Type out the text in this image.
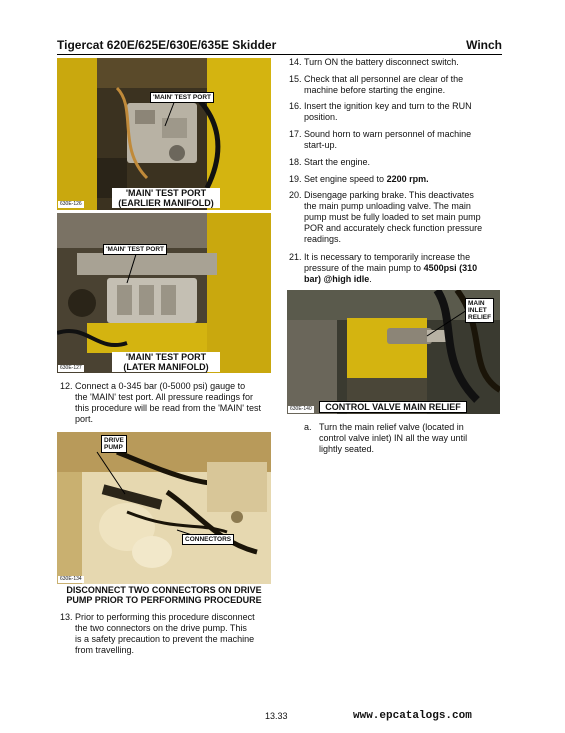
Tigercat 620E/625E/630E/635E Skidder	Winch
'MAIN' TEST PORT
630E-126
'MAIN' TEST PORT
(EARLIER MANIFOLD)
'MAIN' TEST PORT
630E-127
'MAIN' TEST PORT
(LATER MANIFOLD)
12. Connect a 0-345 bar (0-5000 psi) gauge to
the 'MAIN' test port. All pressure readings for
this procedure will be read from the 'MAIN' test
port.
DRIVE
PUMP
CONNECTORS
630E-134
DISCONNECT TWO CONNECTORS ON DRIVE
PUMP PRIOR TO PERFORMING PROCEDURE
13. Prior to performing this procedure disconnect
the two connectors on the drive pump. This
is a safety precaution to prevent the machine
from travelling.
14. Turn ON the battery disconnect switch.
15. Check that all personnel are clear of the
machine before starting the engine.
16. Insert the ignition key and turn to the RUN
position.
17. Sound horn to warn personnel of machine
start-up.
18. Start the engine.
19. Set engine speed to 2200 rpm.
20. Disengage parking brake. This deactivates
the main pump unloading valve. The main
pump must be fully loaded to set main pump
POR and accurately check function pressure
readings.
21. It is necessary to temporarily increase the
pressure of the main pump to 4500psi (310
bar) @high idle.
MAIN
INLET
RELIEF
630E-140	CONTROL VALVE MAIN RELIEF
a. Turn the main relief valve (located in
control valve inlet) IN all the way until
lightly seated.
13.33	www.epcatalogs.com
